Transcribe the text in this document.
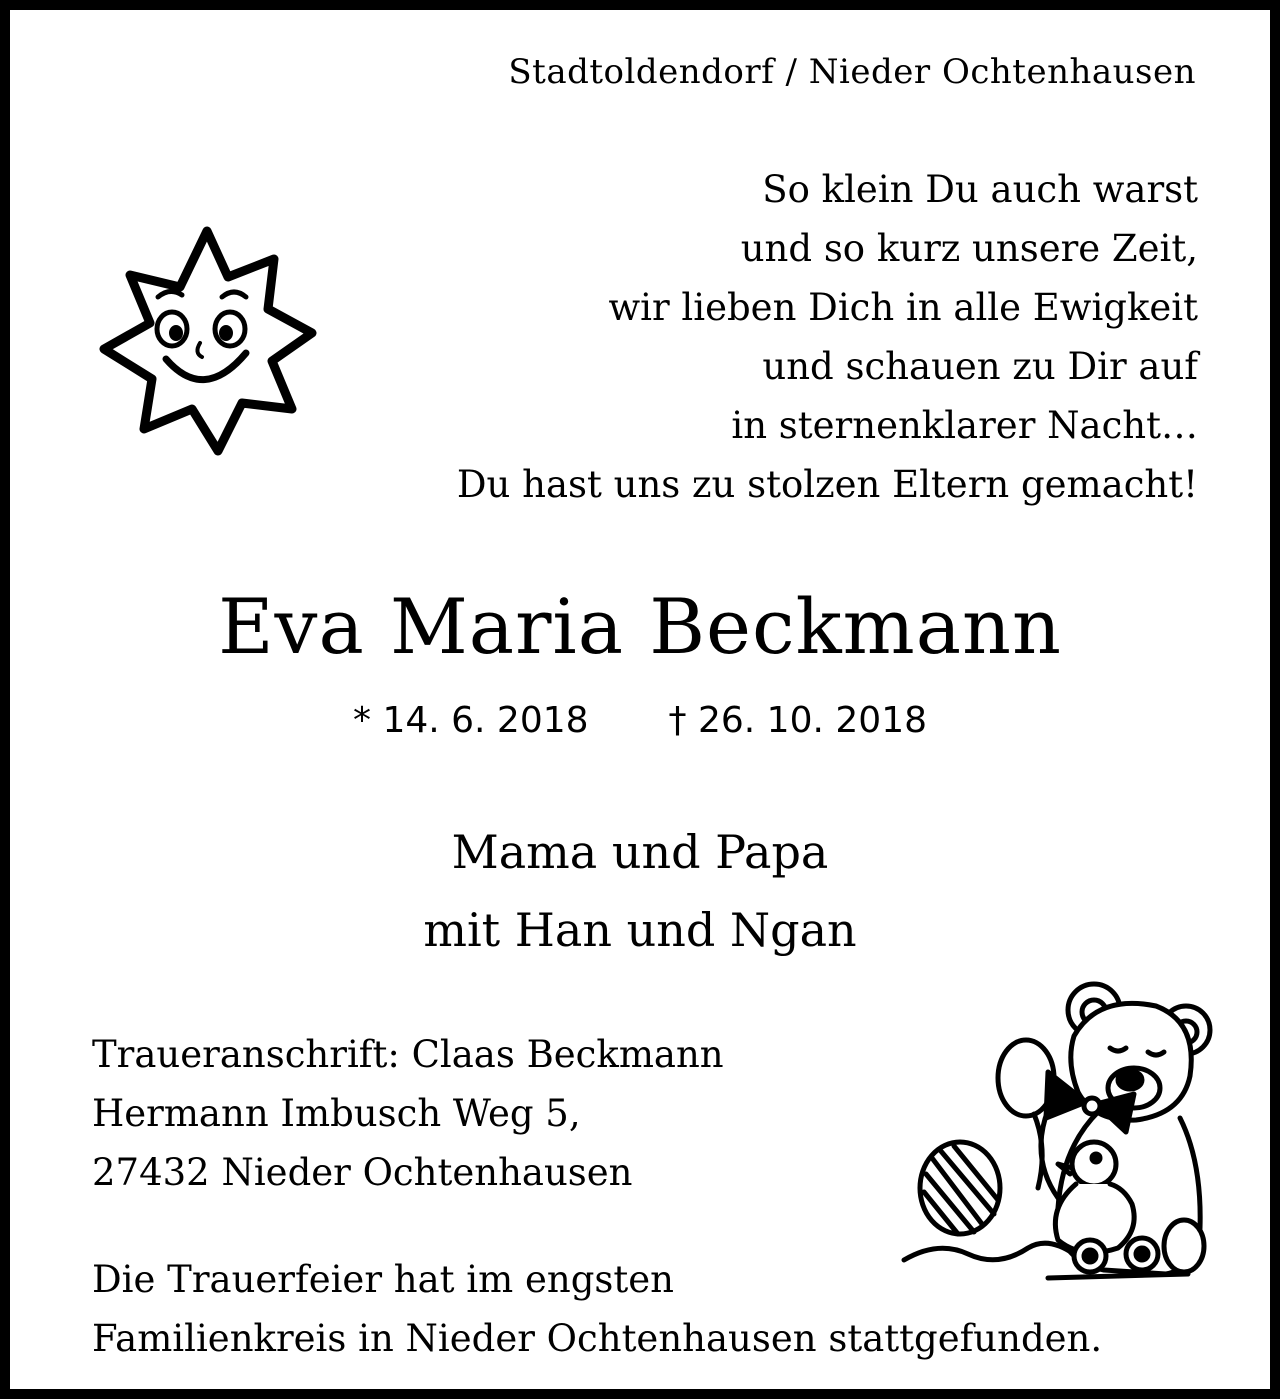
Stadtoldendorf / Nieder Ochtenhausen
So klein Du auch warst
und so kurz unsere Zeit,
wir lieben Dich in alle Ewigkeit
und schauen zu Dir auf
in sternenklarer Nacht…
Du hast uns zu stolzen Eltern gemacht!
Eva Maria Beckmann
* 14. 6. 2018 † 26. 10. 2018
Mama und Papa
mit Han und Ngan
Traueranschrift: Claas Beckmann
Hermann Imbusch Weg 5,
27432 Nieder Ochtenhausen
Die Trauerfeier hat im engsten
Familienkreis in Nieder Ochtenhausen stattgefunden.
